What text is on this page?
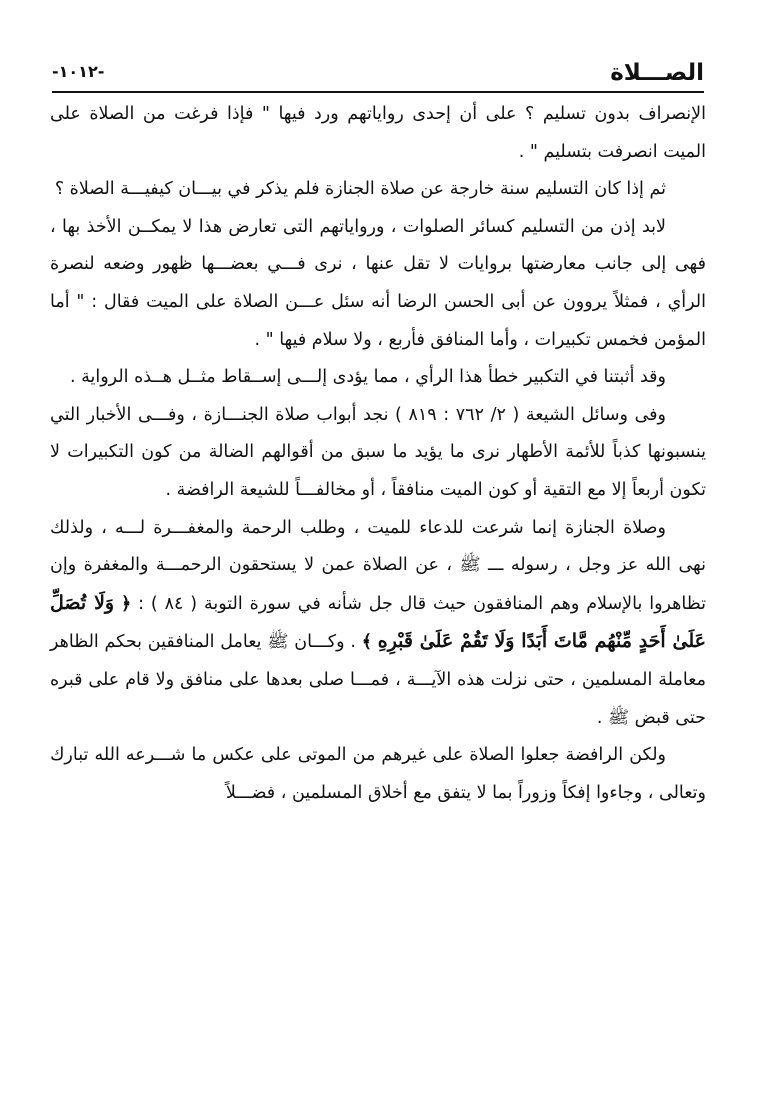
الصـــلاة
-١٠١٢-

الإنصراف بدون تسليم ؟ على أن إحدى رواياتهم ورد فيها " فإذا فرغت من الصلاة على الميت انصرفت بتسليم " .

ثم إذا كان التسليم سنة خارجة عن صلاة الجنازة فلم يذكر في بيـــان كيفيـــة الصلاة ؟

لابد إذن من التسليم كسائر الصلوات ، ورواياتهم التى تعارض هذا لا يمكــن الأخذ بها ، فهى إلى جانب معارضتها بروايات لا تقل عنها ، نرى فـــي بعضـــها ظهور وضعه لنصرة الرأي ، فمثلاً يروون عن أبى الحسن الرضا أنه سئل عـــن الصلاة على الميت فقال : " أما المؤمن فخمس تكبيرات ، وأما المنافق فأربع ، ولا سلام فيها " .

وقد أثبتنا في التكبير خطأ هذا الرأي ، مما يؤدى إلـــى إســقاط مثــل هــذه الرواية .

وفى وسائل الشيعة ( ٢/ ٧٦٢ : ٨١٩ ) نجد أبواب صلاة الجنـــازة ، وفـــى الأخبار التي ينسبونها كذباً للأئمة الأطهار نرى ما يؤيد ما سبق من أقوالهم الضالة من كون التكبيرات لا تكون أربعاً إلا مع التقية أو كون الميت منافقاً ، أو مخالفـــاً للشيعة الرافضة .

وصلاة الجنازة إنما شرعت للدعاء للميت ، وطلب الرحمة والمغفـــرة لـــه ، ولذلك نهى الله عز وجل ، رسوله ـــ ﷺ ، عن الصلاة عمن لا يستحقون الرحمـــة والمغفرة وإن تظاهروا بالإسلام وهم المنافقون حيث قال جل شأنه في سورة التوبة ( ٨٤ ) : ﴿ وَلَا تُصَلِّ عَلَىٰ أَحَدٍ مِّنْهُم مَّاتَ أَبَدًا وَلَا تَقُمْ عَلَىٰ قَبْرِهِ ﴾ . وكـــان ﷺ يعامل المنافقين بحكم الظاهر معاملة المسلمين ، حتى نزلت هذه الآيـــة ، فمـــا صلى بعدها على منافق ولا قام على قبره حتى قبض ﷺ .

ولكن الرافضة جعلوا الصلاة على غيرهم من الموتى على عكس ما شـــرعه الله تبارك وتعالى ، وجاءوا إفكاً وزوراً بما لا يتفق مع أخلاق المسلمين ، فضـــلاً
